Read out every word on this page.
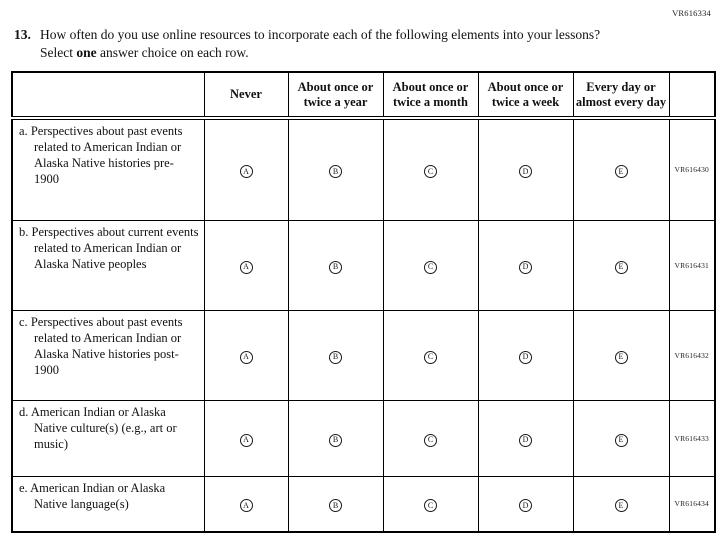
VR616334
13. How often do you use online resources to incorporate each of the following elements into your lessons? Select one answer choice on each row.
	Never	About once or twice a year	About once or twice a month	About once or twice a week	Every day or almost every day	

a. Perspectives about past events related to American Indian or Alaska Native histories pre-1900	A	B	C	D	E	VR616430

b. Perspectives about current events related to American Indian or Alaska Native peoples	A	B	C	D	E	VR616431

c. Perspectives about past events related to American Indian or Alaska Native histories post-1900	A	B	C	D	E	VR616432

d. American Indian or Alaska Native culture(s) (e.g., art or music)	A	B	C	D	E	VR616433

e. American Indian or Alaska Native language(s)	A	B	C	D	E	VR616434
